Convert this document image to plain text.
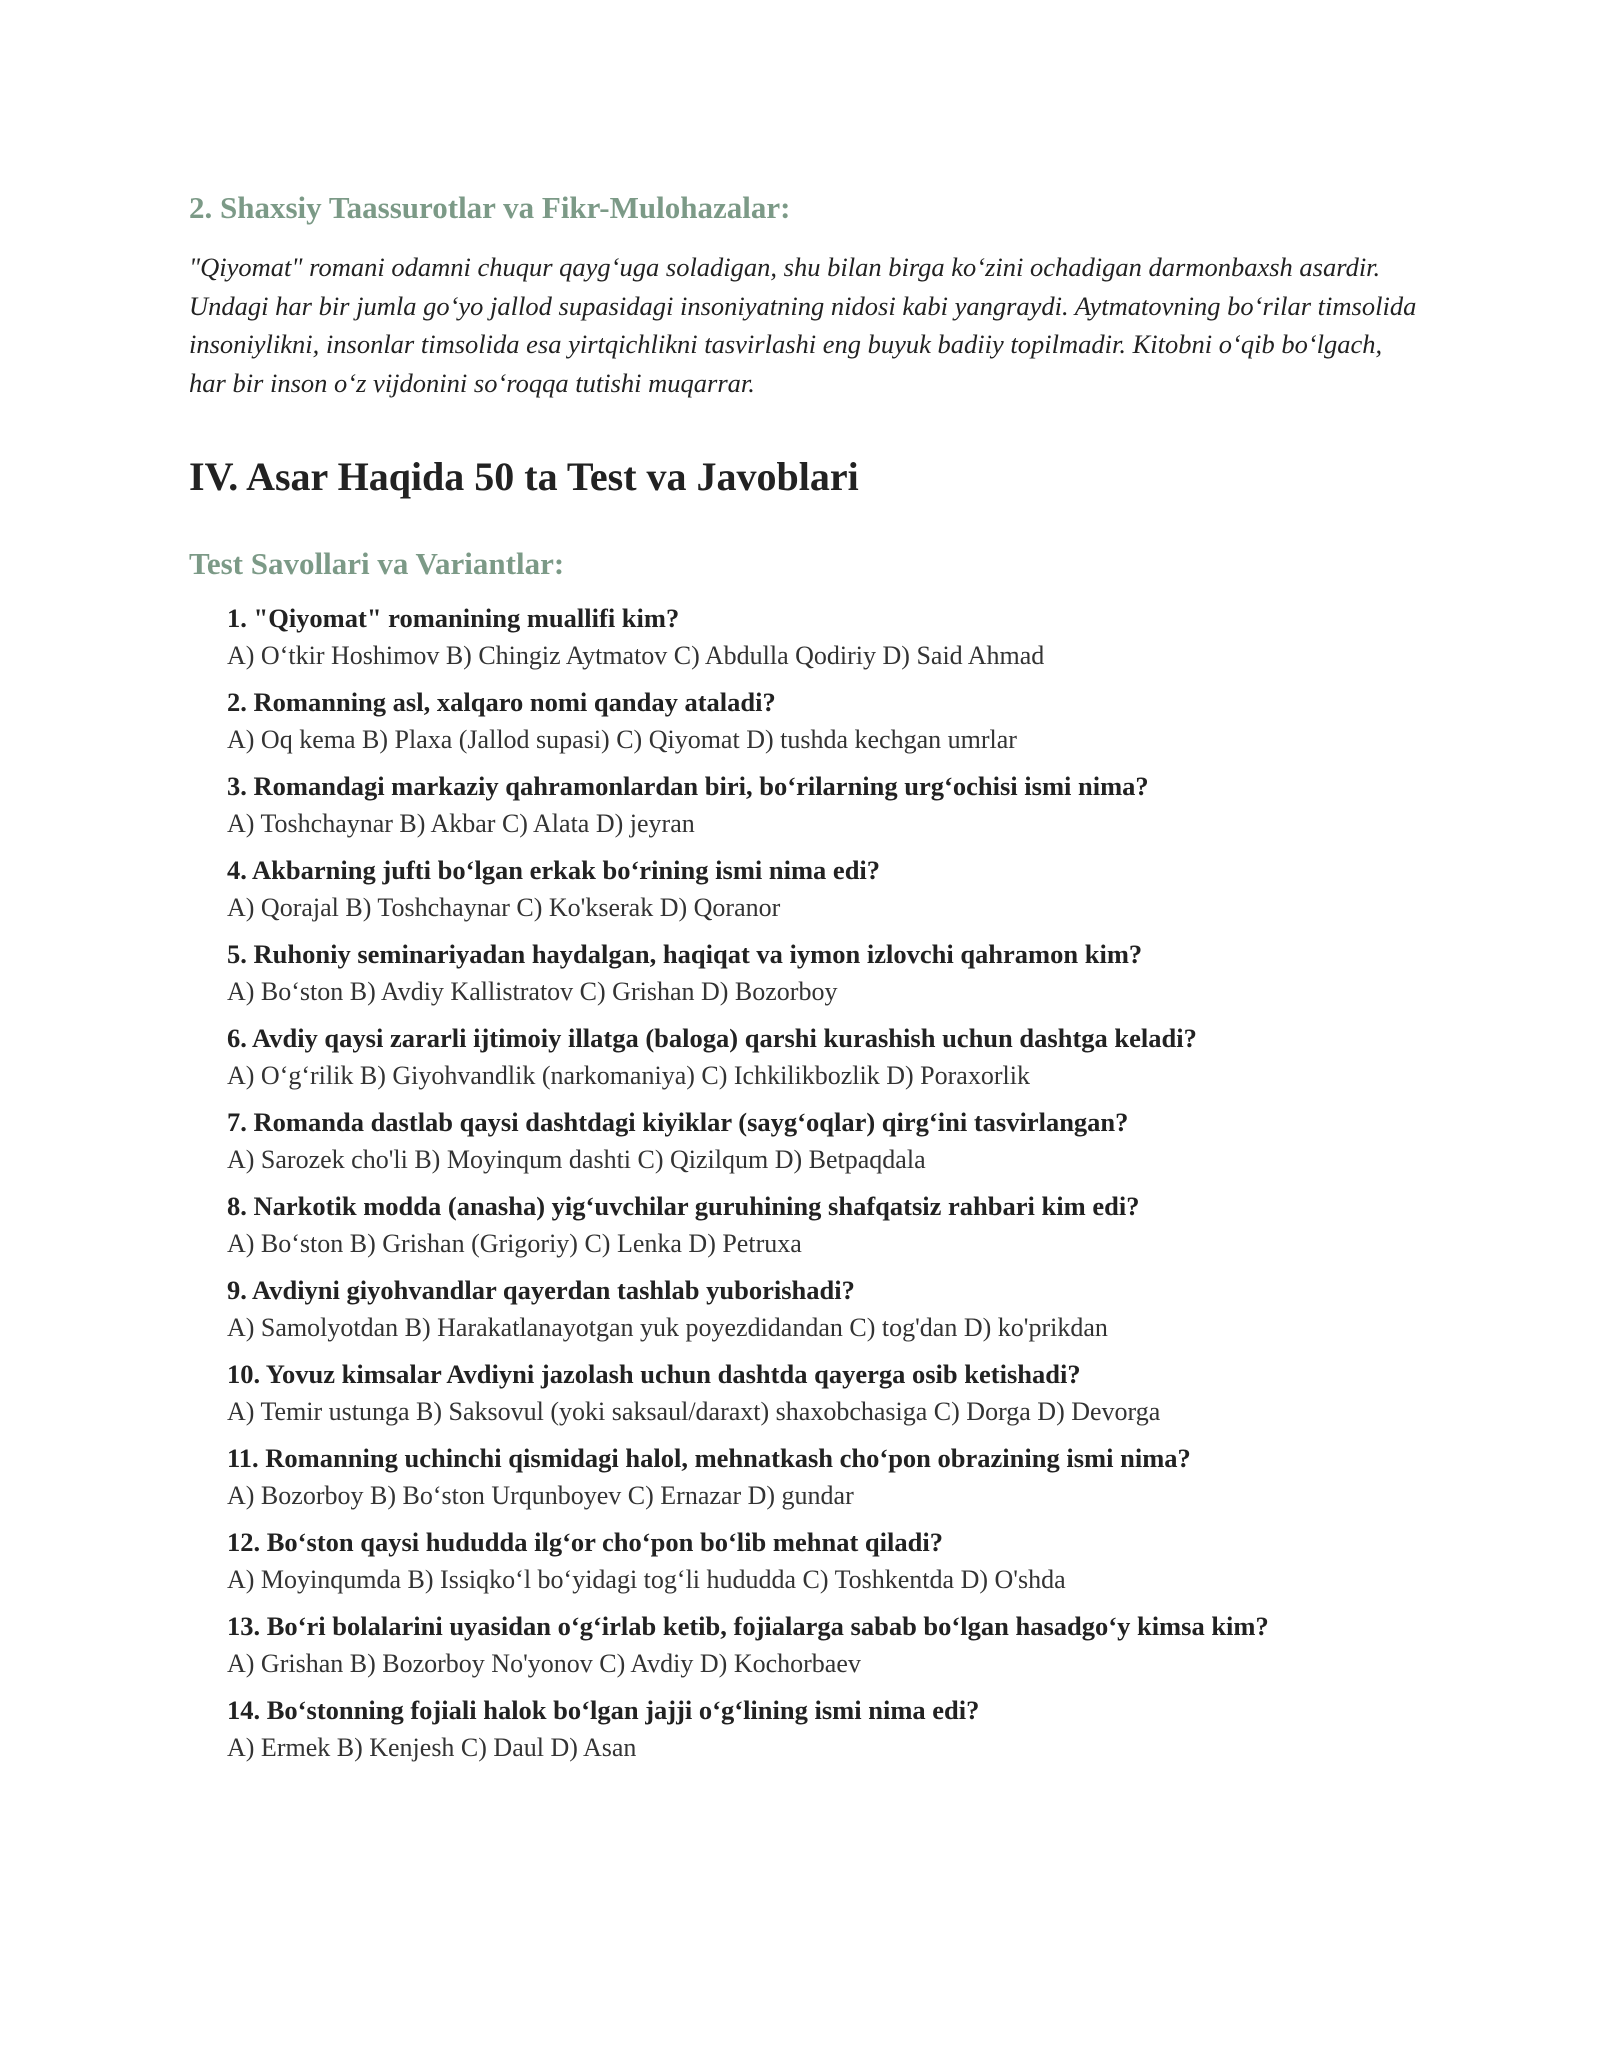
2. Shaxsiy Taassurotlar va Fikr-Mulohazalar:

"Qiyomat" romani odamni chuqur qayg‘uga soladigan, shu bilan birga ko‘zini ochadigan darmonbaxsh asardir. Undagi har bir jumla go‘yo jallod supasidagi insoniyatning nidosi kabi yangraydi. Aytmatovning bo‘rilar timsolida insoniylikni, insonlar timsolida esa yirtqichlikni tasvirlashi eng buyuk badiiy topilmadir. Kitobni o‘qib bo‘lgach, har bir inson o‘z vijdonini so‘roqqa tutishi muqarrar.

IV. Asar Haqida 50 ta Test va Javoblari
Test Savollari va Variantlar:
1. "Qiyomat" romanining muallifi kim?
A) O‘tkir Hoshimov B) Chingiz Aytmatov C) Abdulla Qodiriy D) Said Ahmad
2. Romanning asl, xalqaro nomi qanday ataladi?
A) Oq kema B) Plaxa (Jallod supasi) C) Qiyomat D) tushda kechgan umrlar
3. Romandagi markaziy qahramonlardan biri, bo‘rilarning urg‘ochisi ismi nima?
A) Toshchaynar B) Akbar C) Alata D) jeyran
4. Akbarning jufti bo‘lgan erkak bo‘rining ismi nima edi?
A) Qorajal B) Toshchaynar C) Ko'kserak D) Qoranor
5. Ruhoniy seminariyadan haydalgan, haqiqat va iymon izlovchi qahramon kim?
A) Bo‘ston B) Avdiy Kallistratov C) Grishan D) Bozorboy
6. Avdiy qaysi zararli ijtimoiy illatga (baloga) qarshi kurashish uchun dashtga keladi?
A) O‘g‘rilik B) Giyohvandlik (narkomaniya) C) Ichkilikbozlik D) Poraxorlik
7. Romanda dastlab qaysi dashtdagi kiyiklar (sayg‘oqlar) qirg‘ini tasvirlangan?
A) Sarozek cho'li B) Moyinqum dashti C) Qizilqum D) Betpaqdala
8. Narkotik modda (anasha) yig‘uvchilar guruhining shafqatsiz rahbari kim edi?
A) Bo‘ston B) Grishan (Grigoriy) C) Lenka D) Petruxa
9. Avdiyni giyohvandlar qayerdan tashlab yuborishadi?
A) Samolyotdan B) Harakatlanayotgan yuk poyezdidandan C) tog'dan D) ko'prikdan
10. Yovuz kimsalar Avdiyni jazolash uchun dashtda qayerga osib ketishadi?
A) Temir ustunga B) Saksovul (yoki saksaul/daraxt) shaxobchasiga C) Dorga D) Devorga
11. Romanning uchinchi qismidagi halol, mehnatkash cho‘pon obrazining ismi nima?
A) Bozorboy B) Bo‘ston Urqunboyev C) Ernazar D) gundar
12. Bo‘ston qaysi hududda ilg‘or cho‘pon bo‘lib mehnat qiladi?
A) Moyinqumda B) Issiqko‘l bo‘yidagi tog‘li hududda C) Toshkentda D) O'shda
13. Bo‘ri bolalarini uyasidan o‘g‘irlab ketib, fojialarga sabab bo‘lgan hasadgo‘y kimsa kim?
A) Grishan B) Bozorboy No'yonov C) Avdiy D) Kochorbaev
14. Bo‘stonning fojiali halok bo‘lgan jajji o‘g‘lining ismi nima edi?
A) Ermek B) Kenjesh C) Daul D) Asan
